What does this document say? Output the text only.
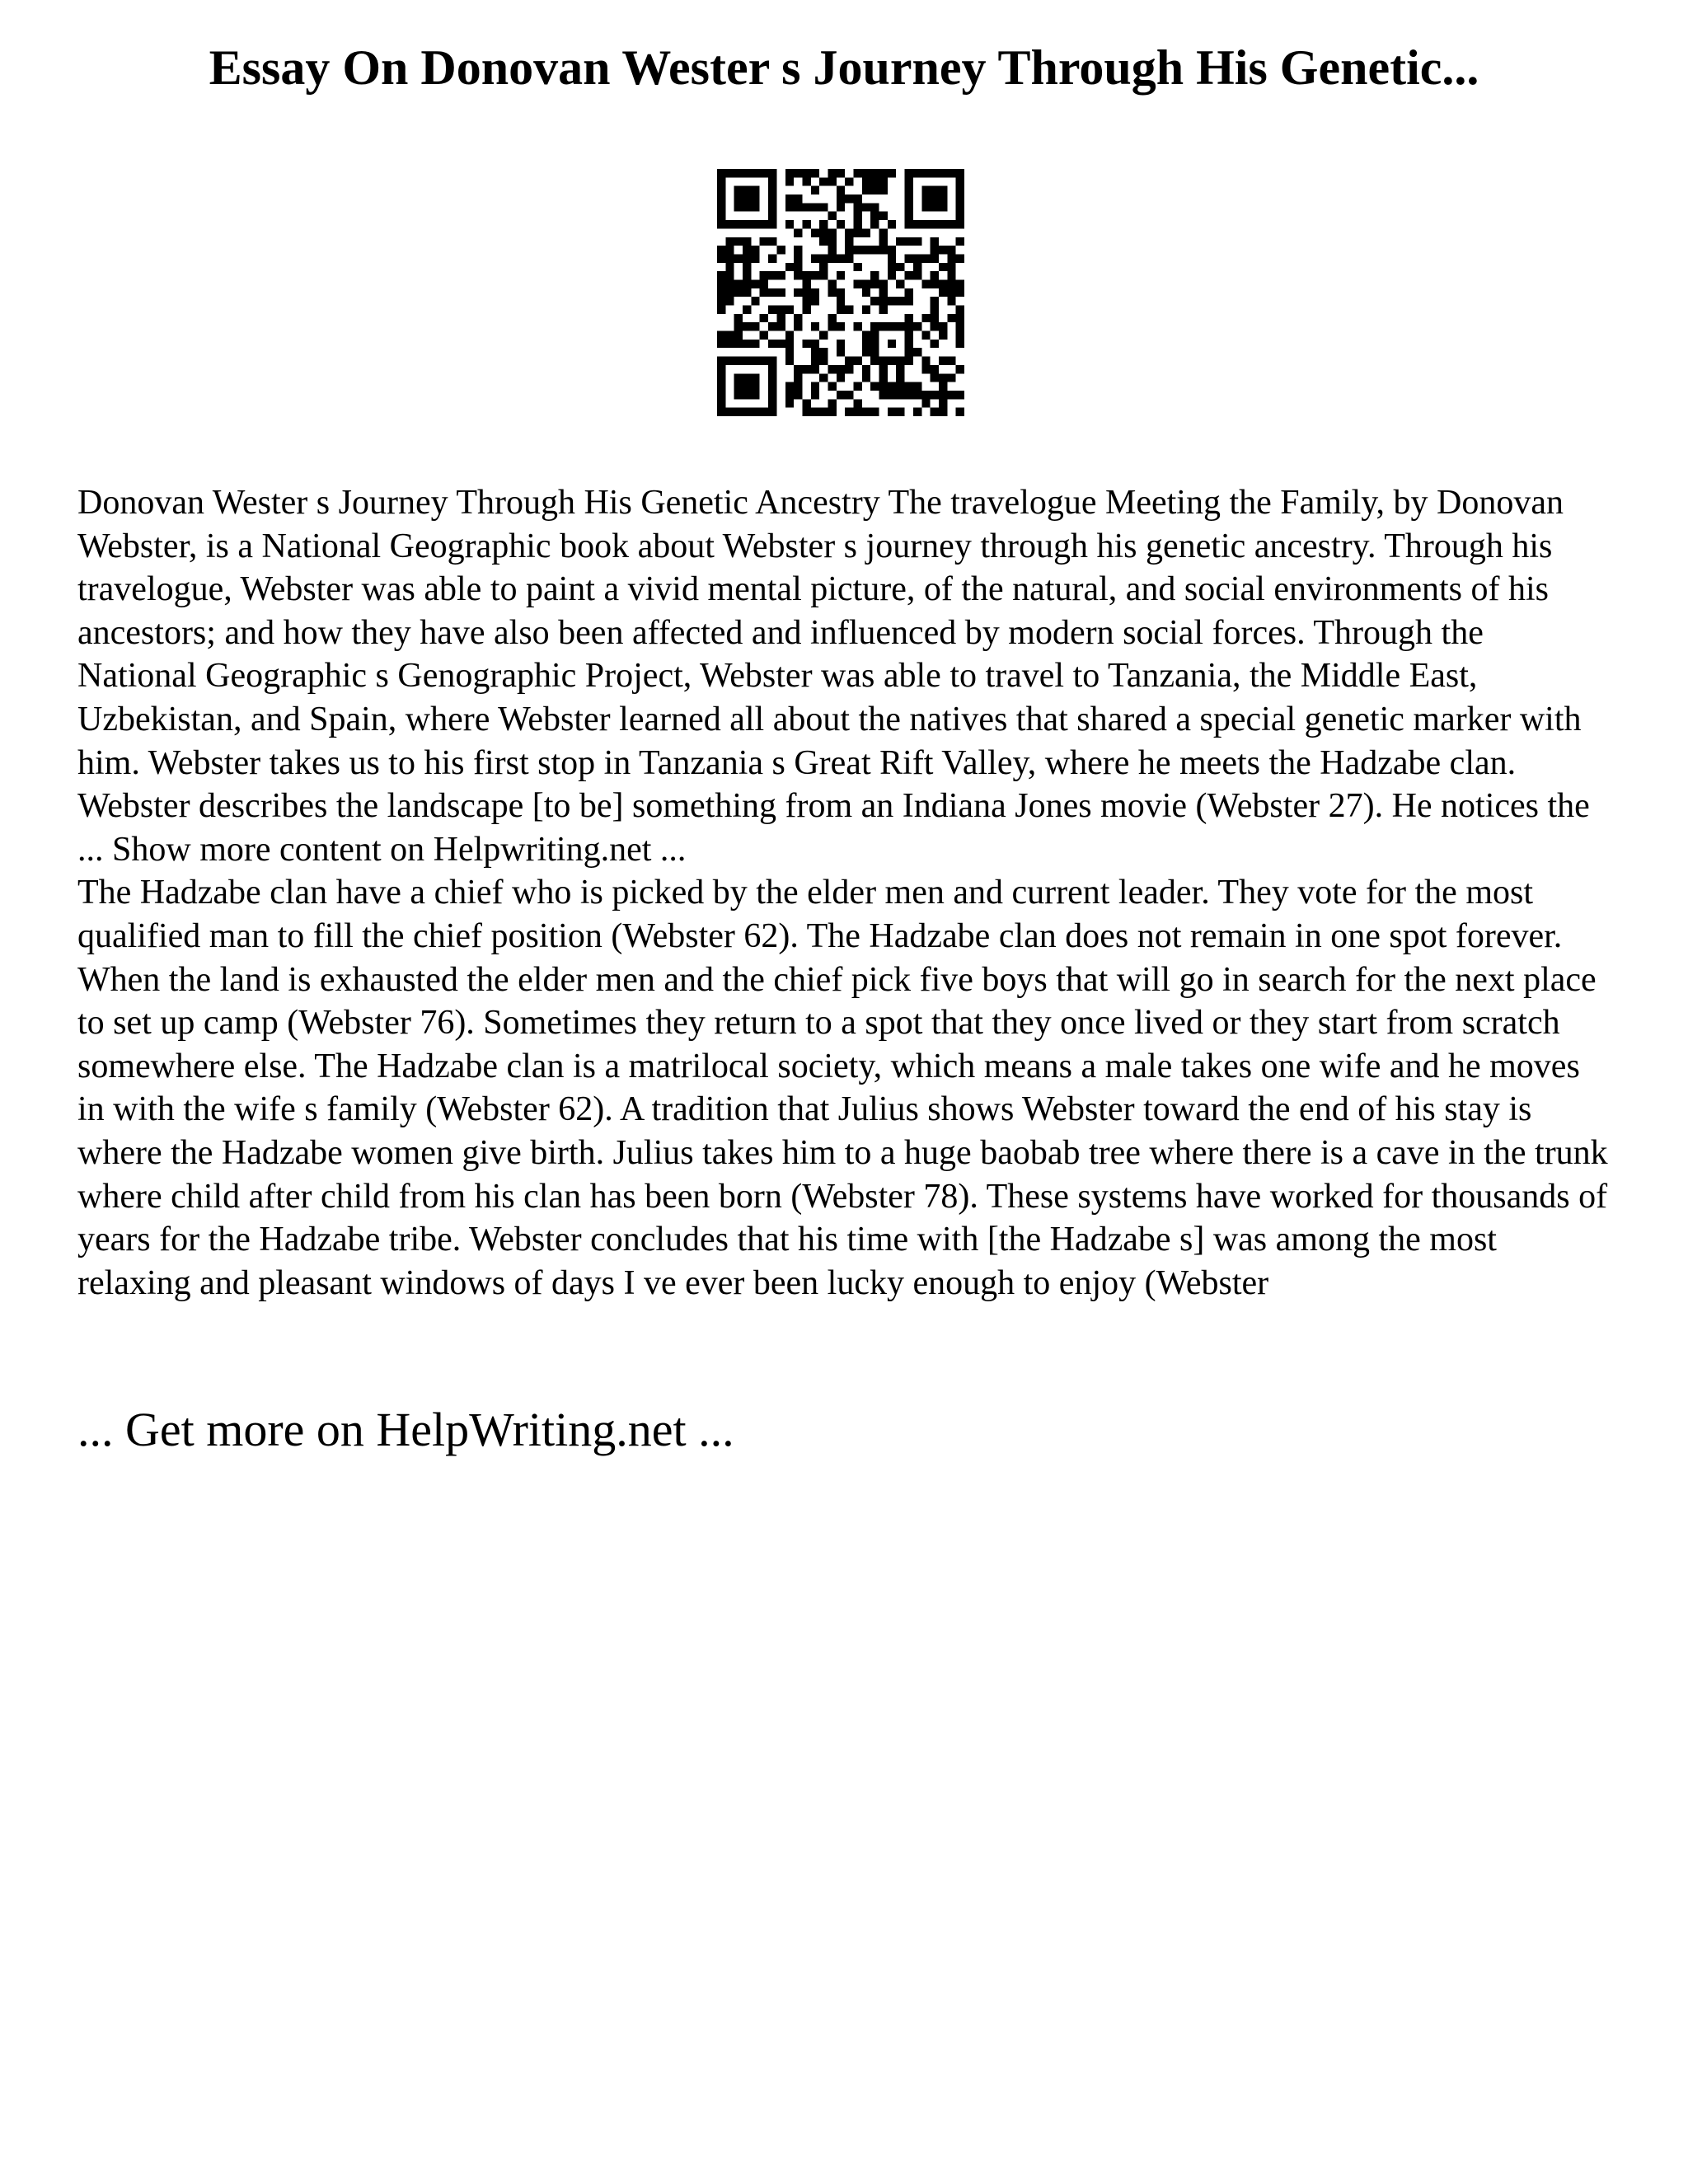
Essay On Donovan Wester s Journey Through His Genetic...

Donovan Wester s Journey Through His Genetic Ancestry The travelogue Meeting the Family, by Donovan Webster, is a National Geographic book about Webster s journey through his genetic ancestry. Through his travelogue, Webster was able to paint a vivid mental picture, of the natural, and social environments of his ancestors; and how they have also been affected and influenced by modern social forces. Through the National Geographic s Genographic Project, Webster was able to travel to Tanzania, the Middle East, Uzbekistan, and Spain, where Webster learned all about the natives that shared a special genetic marker with him. Webster takes us to his first stop in Tanzania s Great Rift Valley, where he meets the Hadzabe clan. Webster describes the landscape [to be] something from an Indiana Jones movie (Webster 27). He notices the ... Show more content on Helpwriting.net ...

The Hadzabe clan have a chief who is picked by the elder men and current leader. They vote for the most qualified man to fill the chief position (Webster 62). The Hadzabe clan does not remain in one spot forever. When the land is exhausted the elder men and the chief pick five boys that will go in search for the next place to set up camp (Webster 76). Sometimes they return to a spot that they once lived or they start from scratch somewhere else. The Hadzabe clan is a matrilocal society, which means a male takes one wife and he moves in with the wife s family (Webster 62). A tradition that Julius shows Webster toward the end of his stay is where the Hadzabe women give birth. Julius takes him to a huge baobab tree where there is a cave in the trunk where child after child from his clan has been born (Webster 78). These systems have worked for thousands of years for the Hadzabe tribe. Webster concludes that his time with [the Hadzabe s] was among the most relaxing and pleasant windows of days I ve ever been lucky enough to enjoy (Webster

... Get more on HelpWriting.net ...
